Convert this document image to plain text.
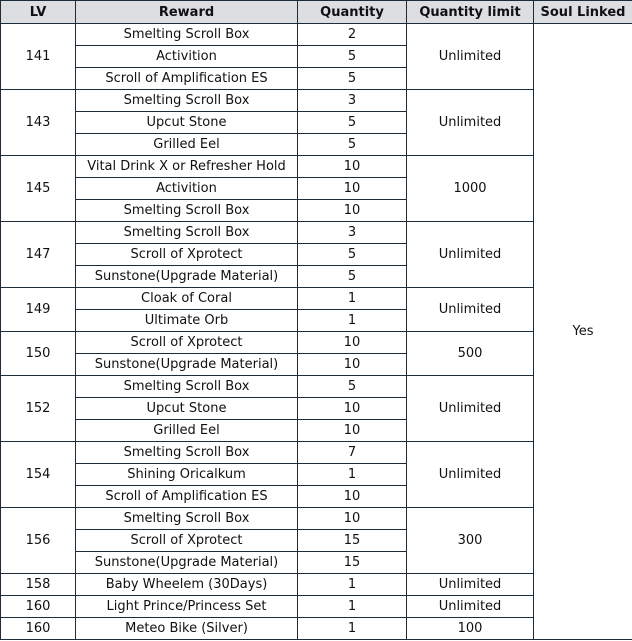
LV	Reward	Quantity	Quantity limit	Soul Linked
141	Smelting Scroll Box	2	Unlimited	Yes
	Activition	5		
	Scroll of Amplification ES	5		
143	Smelting Scroll Box	3	Unlimited	
	Upcut Stone	5		
	Grilled Eel	5		
145	Vital Drink X or Refresher Hold	10	1000	
	Activition	10		
	Smelting Scroll Box	10		
147	Smelting Scroll Box	3	Unlimited	
	Scroll of Xprotect	5		
	Sunstone(Upgrade Material)	5		
149	Cloak of Coral	1	Unlimited	
	Ultimate Orb	1		
150	Scroll of Xprotect	10	500	
	Sunstone(Upgrade Material)	10		
152	Smelting Scroll Box	5	Unlimited	
	Upcut Stone	10		
	Grilled Eel	10		
154	Smelting Scroll Box	7	Unlimited	
	Shining Oricalkum	1		
	Scroll of Amplification ES	10		
156	Smelting Scroll Box	10	300	
	Scroll of Xprotect	15		
	Sunstone(Upgrade Material)	15		
158	Baby Wheelem (30Days)	1	Unlimited	
160	Light Prince/Princess Set	1	Unlimited	
160	Meteo Bike (Silver)	1	100	
